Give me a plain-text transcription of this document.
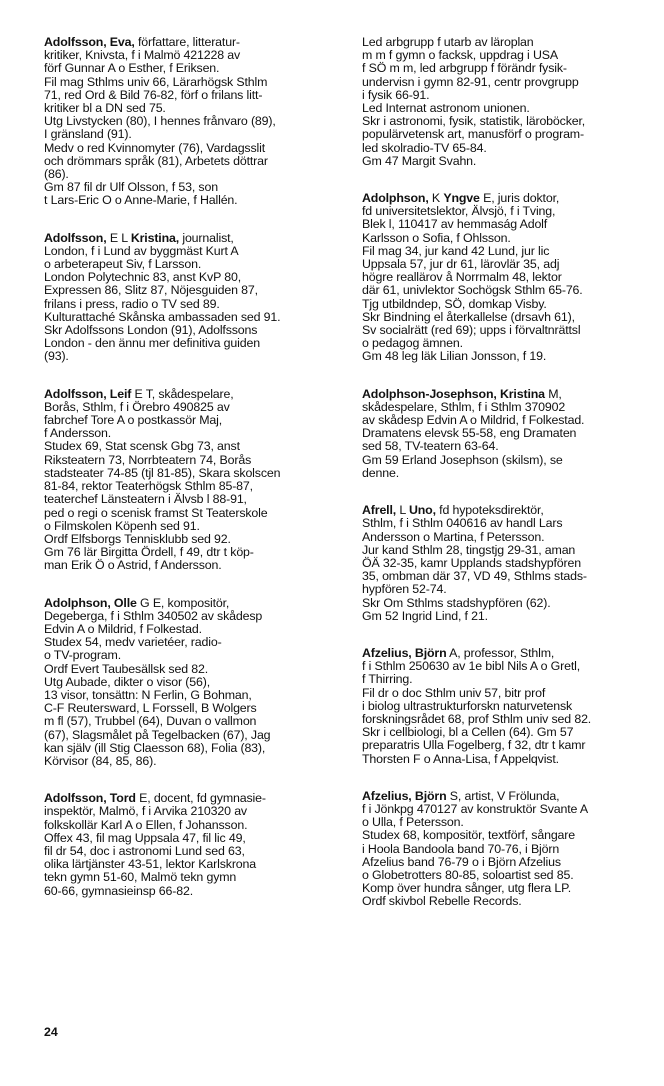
Adolfsson, Eva, författare, litteratur-
kritiker, Knivsta, f i Malmö 421228 av
förf Gunnar A o Esther, f Eriksen.
Fil mag Sthlms univ 66, Lärarhögsk Sthlm
71, red Ord & Bild 76-82, förf o frilans litt-
kritiker bl a DN sed 75.
Utg Livstycken (80), I hennes frånvaro (89),
I gränsland (91).
Medv o red Kvinnomyter (76), Vardagsslit
och drömmars språk (81), Arbetets döttrar
(86).
Gm 87 fil dr Ulf Olsson, f 53, son
t Lars-Eric O o Anne-Marie, f Hallén.
Adolfsson, E L Kristina, journalist,
London, f i Lund av byggmäst Kurt A
o arbeterapeut Siv, f Larsson.
London Polytechnic 83, anst KvP 80,
Expressen 86, Slitz 87, Nöjesguiden 87,
frilans i press, radio o TV sed 89.
Kulturattaché Skånska ambassaden sed 91.
Skr Adolfssons London (91), Adolfssons
London - den ännu mer definitiva guiden
(93).
Adolfsson, Leif E T, skådespelare,
Borås, Sthlm, f i Örebro 490825 av
fabrchef Tore A o postkassör Maj,
f Andersson.
Studex 69, Stat scensk Gbg 73, anst
Riksteatern 73, Norrbteatern 74, Borås
stadsteater 74-85 (tjl 81-85), Skara skolscen
81-84, rektor Teaterhögsk Sthlm 85-87,
teaterchef Länsteatern i Älvsb l 88-91,
ped o regi o scenisk framst St Teaterskole
o Filmskolen Köpenh sed 91.
Ordf Elfsborgs Tennisklubb sed 92.
Gm 76 lär Birgitta Ördell, f 49, dtr t köp-
man Erik Ö o Astrid, f Andersson.
Adolphson, Olle G E, kompositör,
Degeberga, f i Sthlm 340502 av skådesp
Edvin A o Mildrid, f Folkestad.
Studex 54, medv varietéer, radio-
o TV-program.
Ordf Evert Taubesällsk sed 82.
Utg Aubade, dikter o visor (56),
13 visor, tonsättn: N Ferlin, G Bohman,
C-F Reutersward, L Forssell, B Wolgers
m fl (57), Trubbel (64), Duvan o vallmon
(67), Slagsmålet på Tegelbacken (67), Jag
kan själv (ill Stig Claesson 68), Folia (83),
Körvisor (84, 85, 86).
Adolfsson, Tord E, docent, fd gymnasie-
inspektör, Malmö, f i Arvika 210320 av
folkskollär Karl A o Ellen, f Johansson.
Offex 43, fil mag Uppsala 47, fil lic 49,
fil dr 54, doc i astronomi Lund sed 63,
olika lärtjänster 43-51, lektor Karlskrona
tekn gymn 51-60, Malmö tekn gymn
60-66, gymnasieinsp 66-82.
Led arbgrupp f utarb av läroplan
m m f gymn o facksk, uppdrag i USA
f SÖ m m, led arbgrupp f förändr fysik-
undervisn i gymn 82-91, centr provgrupp
i fysik 66-91.
Led Internat astronom unionen.
Skr i astronomi, fysik, statistik, läroböcker,
populärvetensk art, manusförf o program-
led skolradio-TV 65-84.
Gm 47 Margit Svahn.
Adolphson, K Yngve E, juris doktor,
fd universitetslektor, Älvsjö, f i Tving,
Blek l, 110417 av hemmaság Adolf
Karlsson o Sofia, f Ohlsson.
Fil mag 34, jur kand 42 Lund, jur lic
Uppsala 57, jur dr 61, lärovlär 35, adj
högre reallärov å Norrmalm 48, lektor
där 61, univlektor Sochögsk Sthlm 65-76.
Tjg utbildndep, SÖ, domkap Visby.
Skr Bindning el återkallelse (drsavh 61),
Sv socialrätt (red 69); upps i förvaltnrättsl
o pedagog ämnen.
Gm 48 leg läk Lilian Jonsson, f 19.
Adolphson-Josephson, Kristina M,
skådespelare, Sthlm, f i Sthlm 370902
av skådesp Edvin A o Mildrid, f Folkestad.
Dramatens elevsk 55-58, eng Dramaten
sed 58, TV-teatern 63-64.
Gm 59 Erland Josephson (skilsm), se
denne.
Afrell, L Uno, fd hypoteksdirektör,
Sthlm, f i Sthlm 040616 av handl Lars
Andersson o Martina, f Petersson.
Jur kand Sthlm 28, tingstjg 29-31, aman
ÖÄ 32-35, kamr Upplands stadshypfören
35, ombman där 37, VD 49, Sthlms stads-
hypfören 52-74.
Skr Om Sthlms stadshypfören (62).
Gm 52 Ingrid Lind, f 21.
Afzelius, Björn A, professor, Sthlm,
f i Sthlm 250630 av 1e bibl Nils A o Gretl,
f Thirring.
Fil dr o doc Sthlm univ 57, bitr prof
i biolog ultrastrukturforskn naturvetensk
forskningsrådet 68, prof Sthlm univ sed 82.
Skr i cellbiologi, bl a Cellen (64). Gm 57
preparatris Ulla Fogelberg, f 32, dtr t kamr
Thorsten F o Anna-Lisa, f Appelqvist.
Afzelius, Björn S, artist, V Frölunda,
f i Jönkpg 470127 av konstruktör Svante A
o Ulla, f Petersson.
Studex 68, kompositör, textförf, sångare
i Hoola Bandoola band 70-76, i Björn
Afzelius band 76-79 o i Björn Afzelius
o Globetrotters 80-85, soloartist sed 85.
Komp över hundra sånger, utg flera LP.
Ordf skivbol Rebelle Records.
24
